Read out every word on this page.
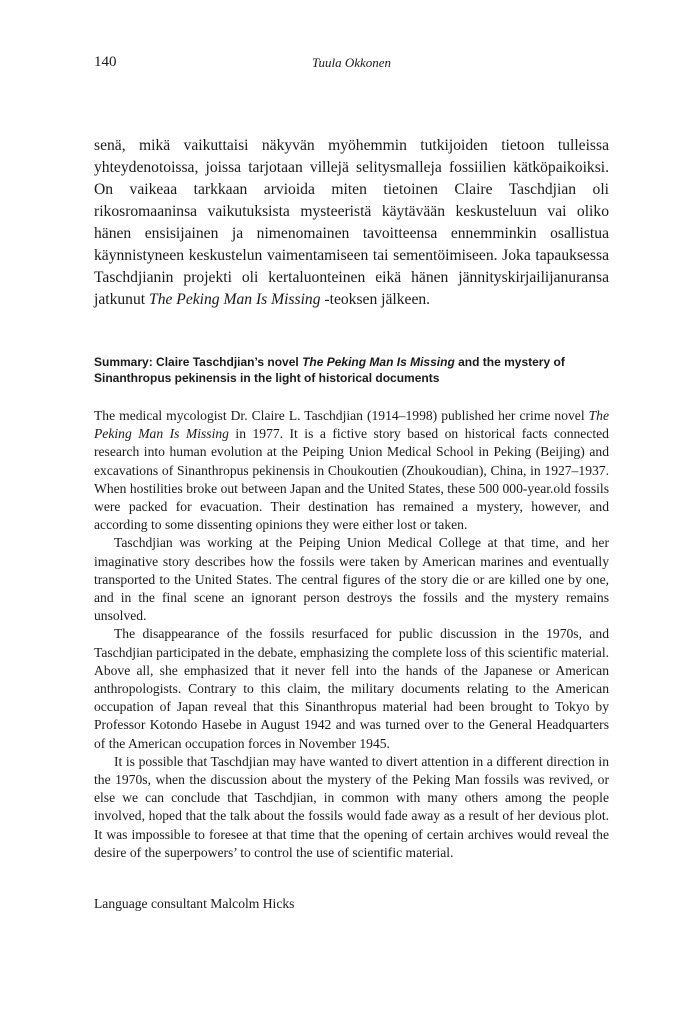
140	Tuula Okkonen

senä, mikä vaikuttaisi näkyvän myöhemmin tutkijoiden tietoon tulleissa yhteydenotoissa, joissa tarjotaan villejä selitysmalleja fossiilien kätköpaikoiksi. On vaikeaa tarkkaan arvioida miten tietoinen Claire Taschdjian oli rikosromaaninsa vaikutuksista mysteeristä käytävään keskusteluun vai oliko hänen ensisijainen ja nimenomainen tavoitteensa ennemminkin osallistua käynnistyneen keskustelun vaimentamiseen tai sementöimiseen. Joka tapauksessa Taschdjianin projekti oli kertaluonteinen eikä hänen jännityskirjailijanuransa jatkunut The Peking Man Is Missing -teoksen jälkeen.

Summary: Claire Taschdjian’s novel The Peking Man Is Missing and the mystery of Sinanthropus pekinensis in the light of historical documents

The medical mycologist Dr. Claire L. Taschdjian (1914–1998) published her crime novel The Peking Man Is Missing in 1977. It is a fictive story based on historical facts connected research into human evolution at the Peiping Union Medical School in Peking (Beijing) and excavations of Sinanthropus pekinensis in Choukoutien (Zhoukoudian), China, in 1927–1937. When hostilities broke out between Japan and the United States, these 500 000-year.old fossils were packed for evacuation. Their destination has remained a mystery, however, and according to some dissenting opinions they were either lost or taken.

Taschdjian was working at the Peiping Union Medical College at that time, and her imaginative story describes how the fossils were taken by American marines and eventually transported to the United States. The central figures of the story die or are killed one by one, and in the final scene an ignorant person destroys the fossils and the mystery remains unsolved.

The disappearance of the fossils resurfaced for public discussion in the 1970s, and Taschdjian participated in the debate, emphasizing the complete loss of this scientific material. Above all, she emphasized that it never fell into the hands of the Japanese or American anthropologists. Contrary to this claim, the military documents relating to the American occupation of Japan reveal that this Sinanthropus material had been brought to Tokyo by Professor Kotondo Hasebe in August 1942 and was turned over to the General Headquarters of the American occupation forces in November 1945.

It is possible that Taschdjian may have wanted to divert attention in a different direction in the 1970s, when the discussion about the mystery of the Peking Man fossils was revived, or else we can conclude that Taschdjian, in common with many others among the people involved, hoped that the talk about the fossils would fade away as a result of her devious plot. It was impossible to foresee at that time that the opening of certain archives would reveal the desire of the superpowers’ to control the use of scientific material.

Language consultant Malcolm Hicks
